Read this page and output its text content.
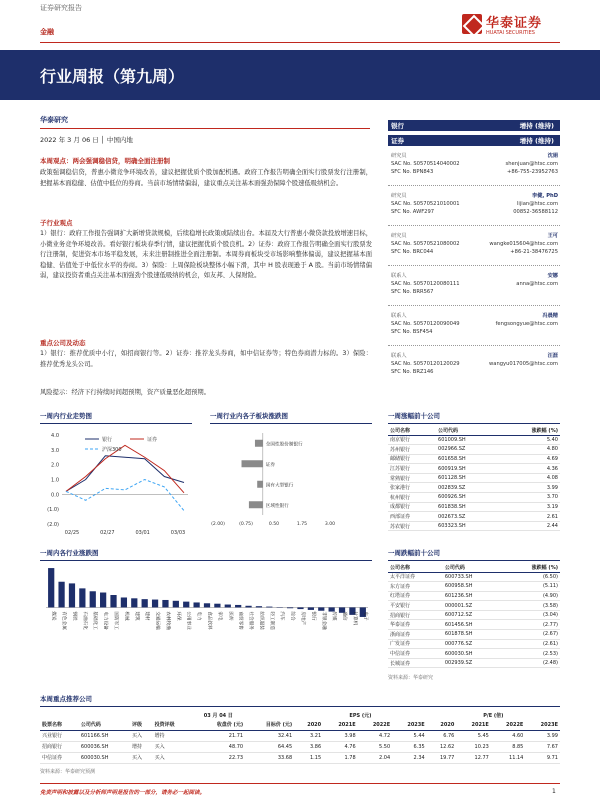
证券研究报告
金融
华泰证券
HUATAI SECURITIES
行业周报（第九周）
华泰研究
2022 年 3 月 06 日 │ 中国内地
银行	增持 (维持)
证券	增持 (维持)
研究员	沈娟
SAC No. S0570514040002	shenjuan@htsc.com
SFC No. BPN843	+86-755-23952763
研究员	李健, PhD
SAC No. S0570521010001	lijian@htsc.com
SFC No. AWF297	00852-36588112
研究员	王可
SAC No. S0570521080002	wangke015604@htsc.com
SFC No. BRC044	+86-21-38476725
联系人	安娜
SAC No. S0570120080111	anna@htsc.com
SFC No. BRR567
联系人	冯晨精
SAC No. S0570120090049	fengsongyue@htsc.com
SFC No. BSF454
联系人	汪涯
SAC No. S0570120120029	wangyu017005@htsc.com
SFC No. BRZ146
本周观点：两会强调稳信贷，明确全面注册制
政策强调稳信贷，普惠小微竞争环境改善，建议把握优质个股加配机遇。政府工作报告明确全面实行股票发行注册制，把握基本面稳健、估值中低位的券商。当前市场情绪偏弱，建议重点关注基本面强劲保障个股速低吸纳机会。
子行业观点
1）银行：政府工作报告强调扩大新增贷款规模，后续稳增长政策或陆续出台。本届及大行普惠小微贷款投放增速目标，小微业务竞争环境改善。看好银行板块春季行情，建议把握优质个股良机。2）证券：政府工作报告明确全面实行股票发行注册制，促进资本市场平稳发展，未来注册制推进全面注册制。本周券商板块受市场影响整体偏弱，建议把握基本面稳健、估值处于中低位水平的券商。3）保险：上周保险板块整体小幅下滑，其中 H 股表现逊于 A 股。当前市场情绪偏弱，建议投资者重点关注基本面强劲个股速低吸纳的机会，如友邦、人保财险。
重点公司及动态
1）银行：推荐优质中小行，如招商银行等。2）证券：推荐龙头券商，如中信证券等；特色券商潜力标的。3）保险：推荐优秀龙头公司。
风险提示：经济下行持续时间超预期，资产质量恶化超预期。
一周内行业走势图
4.0
3.0
2.0
1.0
0.0
(1.0)
(2.0)
02/25	02/27	03/01	03/03
银行	证券
沪深300
一周行业内各子板块涨跌图
全国性股份制银行
证券
国有大型银行
区域性银行
(2.00)	(0.75)	0.50	1.75	3.00
一周涨幅前十公司
公司名称	公司代码	涨跌幅 (%)
南京银行	601009.SH	5.40
苏州银行	002966.SZ	4.80
邮储银行	601658.SH	4.69
江苏银行	600919.SH	4.36
常熟银行	601128.SH	4.08
张家港行	002839.SZ	3.99
杭州银行	600926.SH	3.70
成都银行	601838.SH	3.19
西部证券	002673.SZ	2.61
苏农银行	603323.SH	2.44
一周内各行业涨跌图
煤炭	有色金属	钢铁	石油石化	基础化工	电力设备	国防军工	机械	建筑	建材	交通运输	农林牧渔	环保	公用事业	电力	食品饮料	家电	医药	商贸零售	社会服务	纺织服装	轻工制造	汽车	综合	房地产	银行	非银金融	传媒	通信	计算机	电子
一周跌幅前十公司
公司名称	公司代码	涨跌幅 (%)
太平洋证券	600733.SH	(6.50)
东方证券	600958.SH	(5.11)
红塔证券	601236.SH	(4.90)
平安银行	000001.SZ	(3.58)
招商银行	600712.SZ	(3.04)
华泰证券	601456.SH	(2.77)
浙商证券	601878.SH	(2.67)
广发证券	000776.SZ	(2.61)
中信证券	600030.SH	(2.53)
长城证券	002939.SZ	(2.48)
资料来源：华泰研究
本周重点推荐公司
				03 月 04 日		EPS (元)				P/E (倍)			
股票名称	公司代码	评级	投资评级	收盘价 (元)	目标价 (元)	2020	2021E	2022E	2023E	2020	2021E	2022E	2023E
兴业银行	601166.SH	买入	增持	21.71	32.41	3.21	3.98	4.72	5.44	6.76	5.45	4.60	3.99
招商银行	600036.SH	增持	买入	48.70	64.45	3.86	4.76	5.50	6.35	12.62	10.23	8.85	7.67
中信证券	600030.SH	买入	买入	22.73	33.68	1.15	1.78	2.04	2.34	19.77	12.77	11.14	9.71
资料来源：华泰研究预测
免责声明和披露以及分析师声明是报告的一部分，请务必一起阅读。	1
